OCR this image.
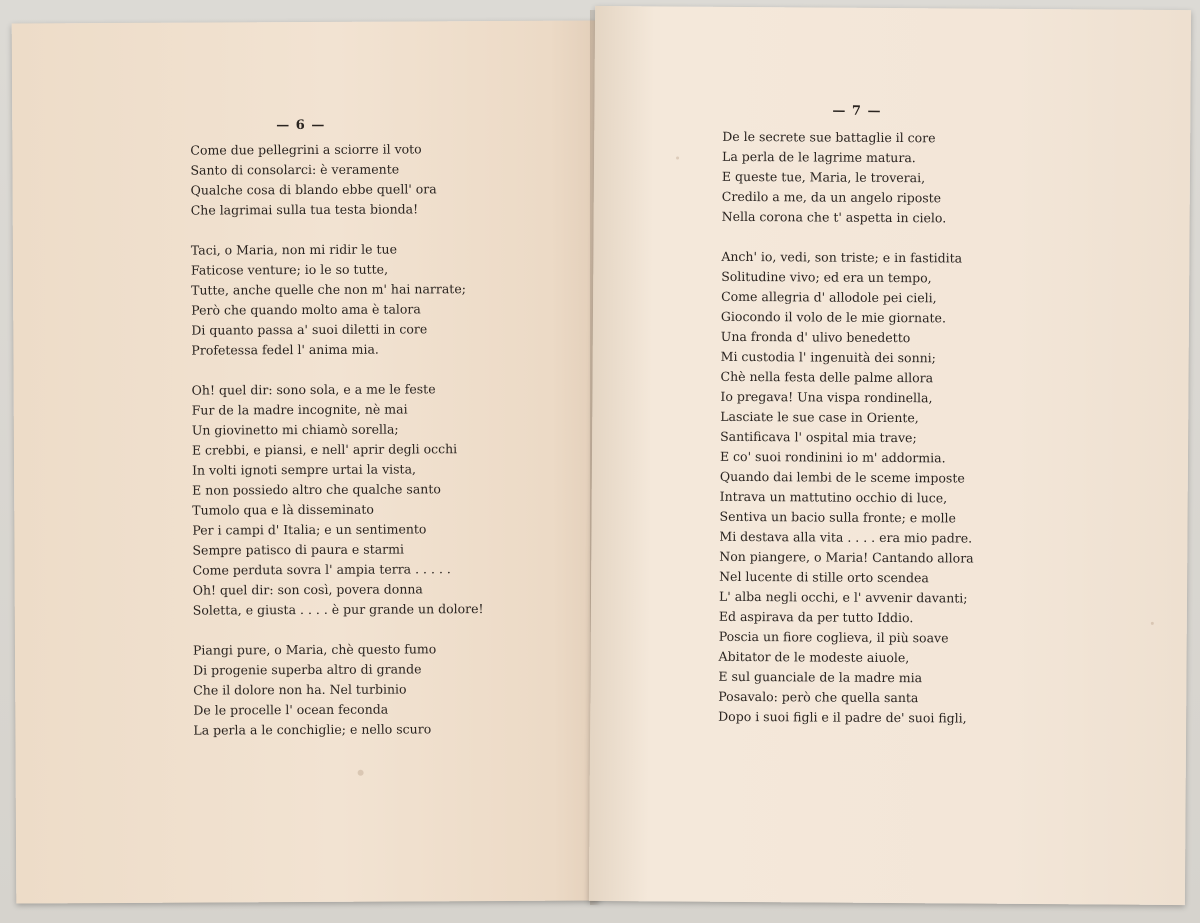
— 6 —
Come due pellegrini a sciorre il voto
Santo di consolarci: è veramente
Qualche cosa di blando ebbe quell' ora
Che lagrimai sulla tua testa bionda!
Taci, o Maria, non mi ridir le tue
Faticose venture; io le so tutte,
Tutte, anche quelle che non m' hai narrate;
Però che quando molto ama è talora
Di quanto passa a' suoi diletti in core
Profetessa fedel l' anima mia.
Oh! quel dir: sono sola, e a me le feste
Fur de la madre incognite, nè mai
Un giovinetto mi chiamò sorella;
E crebbi, e piansi, e nell' aprir degli occhi
In volti ignoti sempre urtai la vista,
E non possiedo altro che qualche santo
Tumolo qua e là disseminato
Per i campi d' Italia; e un sentimento
Sempre patisco di paura e starmi
Come perduta sovra l' ampia terra . . . . .
Oh! quel dir: son così, povera donna
Soletta, e giusta . . . . è pur grande un dolore!
Piangi pure, o Maria, chè questo fumo
Di progenie superba altro di grande
Che il dolore non ha. Nel turbinio
De le procelle l' ocean feconda
La perla a le conchiglie; e nello scuro
— 7 —
De le secrete sue battaglie il core
La perla de le lagrime matura.
E queste tue, Maria, le troverai,
Credilo a me, da un angelo riposte
Nella corona che t' aspetta in cielo.
Anch' io, vedi, son triste; e in fastidita
Solitudine vivo; ed era un tempo,
Come allegria d' allodole pei cieli,
Giocondo il volo de le mie giornate.
Una fronda d' ulivo benedetto
Mi custodia l' ingenuità dei sonni;
Chè nella festa delle palme allora
Io pregava! Una vispa rondinella,
Lasciate le sue case in Oriente,
Santificava l' ospital mia trave;
E co' suoi rondinini io m' addormia.
Quando dai lembi de le sceme imposte
Intrava un mattutino occhio di luce,
Sentiva un bacio sulla fronte; e molle
Mi destava alla vita . . . . era mio padre.
Non piangere, o Maria! Cantando allora
Nel lucente di stille orto scendea
L' alba negli occhi, e l' avvenir davanti;
Ed aspirava da per tutto Iddio.
Poscia un fiore coglieva, il più soave
Abitator de le modeste aiuole,
E sul guanciale de la madre mia
Posavalo: però che quella santa
Dopo i suoi figli e il padre de' suoi figli,
